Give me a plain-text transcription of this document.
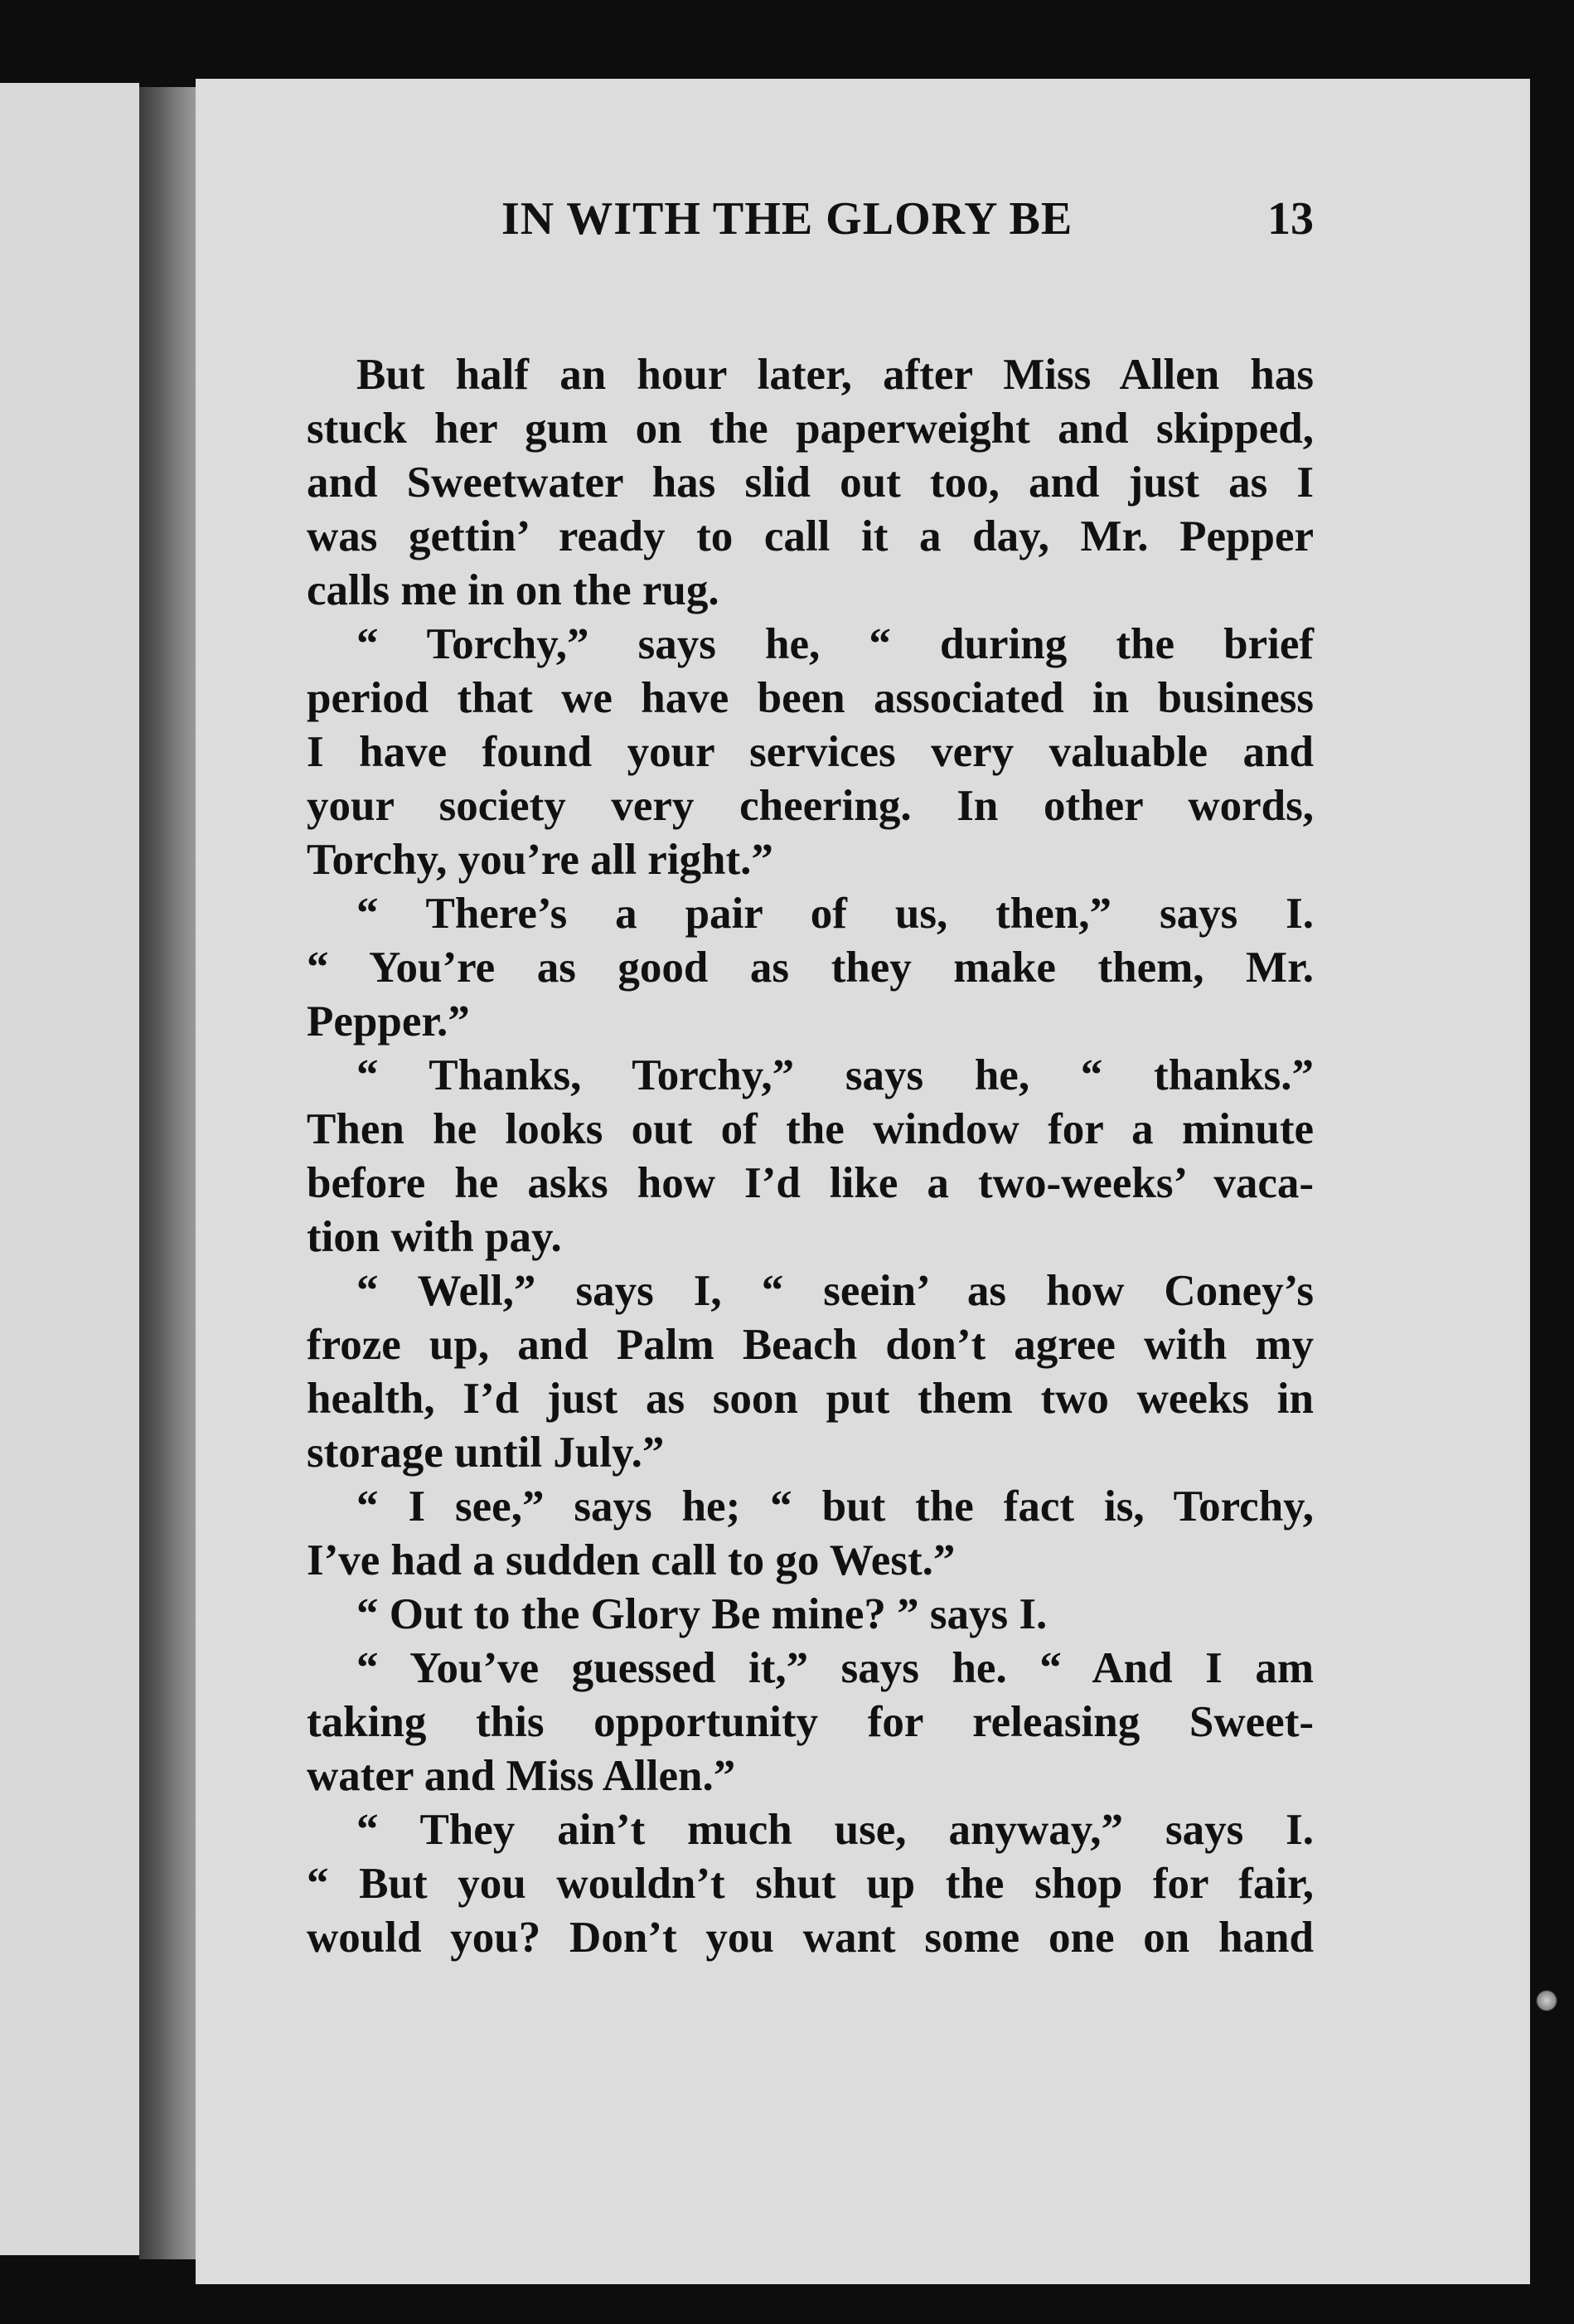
IN WITH THE GLORY BE	13
But half an hour later, after Miss Allen has
stuck her gum on the paperweight and skipped,
and Sweetwater has slid out too, and just as I
was gettin’ ready to call it a day, Mr. Pepper
calls me in on the rug.
“ Torchy,” says he, “ during the brief
period that we have been associated in business
I have found your services very valuable and
your society very cheering. In other words,
Torchy, you’re all right.”
“ There’s a pair of us, then,” says I.
“ You’re as good as they make them, Mr.
Pepper.”
“ Thanks, Torchy,” says he, “ thanks.”
Then he looks out of the window for a minute
before he asks how I’d like a two-weeks’ vaca-
tion with pay.
“ Well,” says I, “ seein’ as how Coney’s
froze up, and Palm Beach don’t agree with my
health, I’d just as soon put them two weeks in
storage until July.”
“ I see,” says he; “ but the fact is, Torchy,
I’ve had a sudden call to go West.”
“ Out to the Glory Be mine? ” says I.
“ You’ve guessed it,” says he. “ And I am
taking this opportunity for releasing Sweet-
water and Miss Allen.”
“ They ain’t much use, anyway,” says I.
“ But you wouldn’t shut up the shop for fair,
would you? Don’t you want some one on hand
